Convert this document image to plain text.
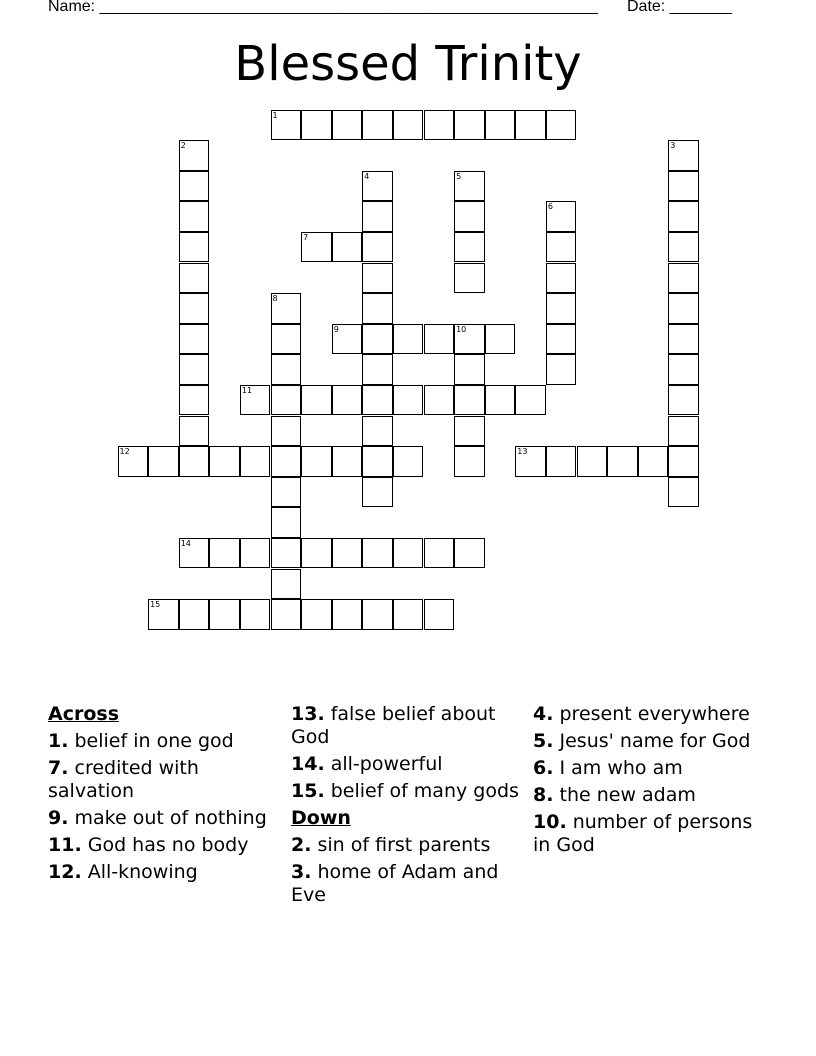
Name: ________________________________________________________ Date: _______
Blessed Trinity
1
2	3
4	5
6
7
8
9	10
11
12	13
14
15
Across
1. belief in one god
7. credited with salvation
9. make out of nothing
11. God has no body
12. All-knowing
13. false belief about God
14. all-powerful
15. belief of many gods
Down
2. sin of first parents
3. home of Adam and Eve
4. present everywhere
5. Jesus' name for God
6. I am who am
8. the new adam
10. number of persons in God
